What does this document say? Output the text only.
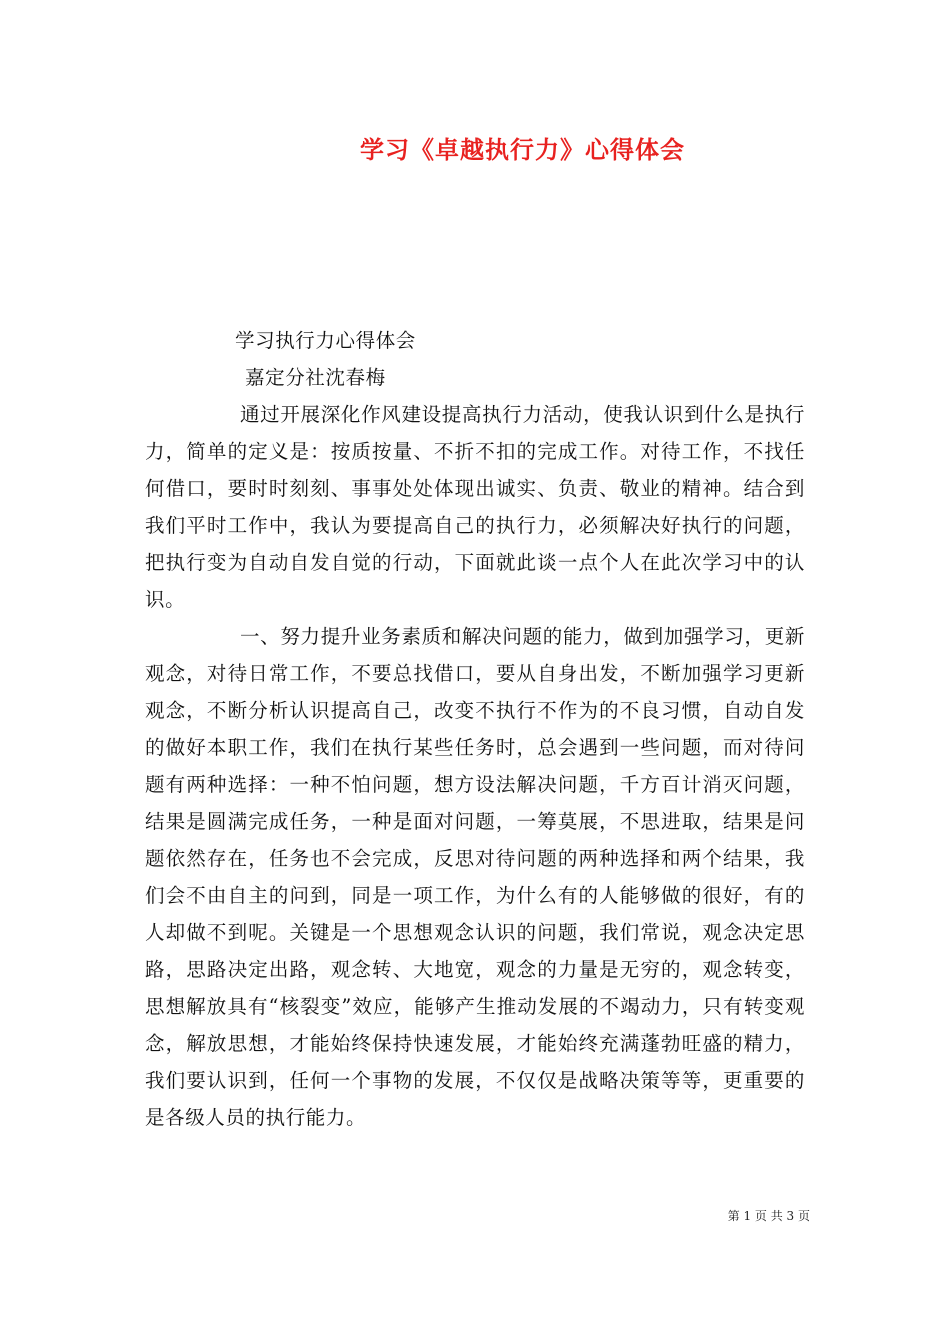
学习《卓越执行力》心得体会

学习执行力心得体会

嘉定分社沈春梅

通过开展深化作风建设提高执行力活动，使我认识到什么是执行力，简单的定义是：按质按量、不折不扣的完成工作。对待工作，不找任何借口，要时时刻刻、事事处处体现出诚实、负责、敬业的精神。结合到我们平时工作中，我认为要提高自己的执行力，必须解决好执行的问题，把执行变为自动自发自觉的行动，下面就此谈一点个人在此次学习中的认识。

一、努力提升业务素质和解决问题的能力，做到加强学习，更新观念，对待日常工作，不要总找借口，要从自身出发，不断加强学习更新观念，不断分析认识提高自己，改变不执行不作为的不良习惯，自动自发的做好本职工作，我们在执行某些任务时，总会遇到一些问题，而对待问题有两种选择：一种不怕问题，想方设法解决问题，千方百计消灭问题，结果是圆满完成任务，一种是面对问题，一筹莫展，不思进取，结果是问题依然存在，任务也不会完成，反思对待问题的两种选择和两个结果，我们会不由自主的问到，同是一项工作，为什么有的人能够做的很好，有的人却做不到呢。关键是一个思想观念认识的问题，我们常说，观念决定思路，思路决定出路，观念转、大地宽，观念的力量是无穷的，观念转变，思想解放具有“核裂变”效应，能够产生推动发展的不竭动力，只有转变观念，解放思想，才能始终保持快速发展，才能始终充满蓬勃旺盛的精力，我们要认识到，任何一个事物的发展，不仅仅是战略决策等等，更重要的是各级人员的执行能力。

第 1 页 共 3 页
